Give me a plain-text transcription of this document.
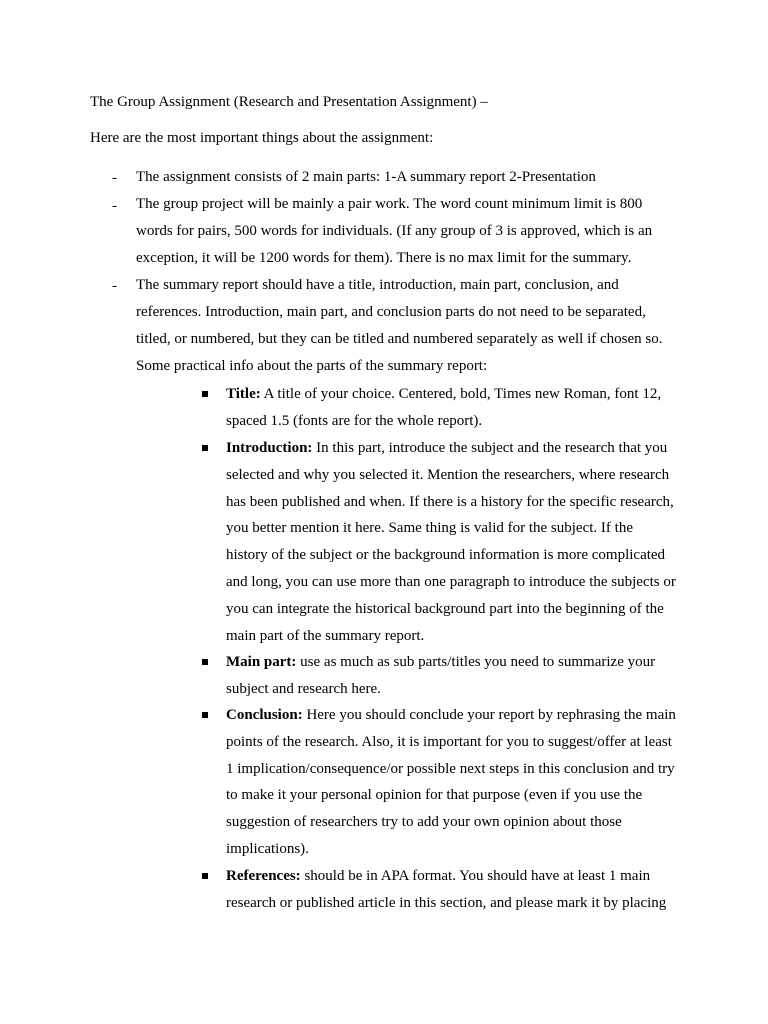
The Group Assignment (Research and Presentation Assignment) –
Here are the most important things about the assignment:
- The assignment consists of 2 main parts: 1-A summary report 2-Presentation
- The group project will be mainly a pair work. The word count minimum limit is 800
words for pairs, 500 words for individuals. (If any group of 3 is approved, which is an
exception, it will be 1200 words for them). There is no max limit for the summary.
- The summary report should have a title, introduction, main part, conclusion, and
references. Introduction, main part, and conclusion parts do not need to be separated,
titled, or numbered, but they can be titled and numbered separately as well if chosen so.
Some practical info about the parts of the summary report:
Title: A title of your choice. Centered, bold, Times new Roman, font 12,
spaced 1.5 (fonts are for the whole report).
Introduction: In this part, introduce the subject and the research that you
selected and why you selected it. Mention the researchers, where research
has been published and when. If there is a history for the specific research,
you better mention it here. Same thing is valid for the subject. If the
history of the subject or the background information is more complicated
and long, you can use more than one paragraph to introduce the subjects or
you can integrate the historical background part into the beginning of the
main part of the summary report.
Main part: use as much as sub parts/titles you need to summarize your
subject and research here.
Conclusion: Here you should conclude your report by rephrasing the main
points of the research. Also, it is important for you to suggest/offer at least
1 implication/consequence/or possible next steps in this conclusion and try
to make it your personal opinion for that purpose (even if you use the
suggestion of researchers try to add your own opinion about those
implications).
References: should be in APA format. You should have at least 1 main
research or published article in this section, and please mark it by placing
